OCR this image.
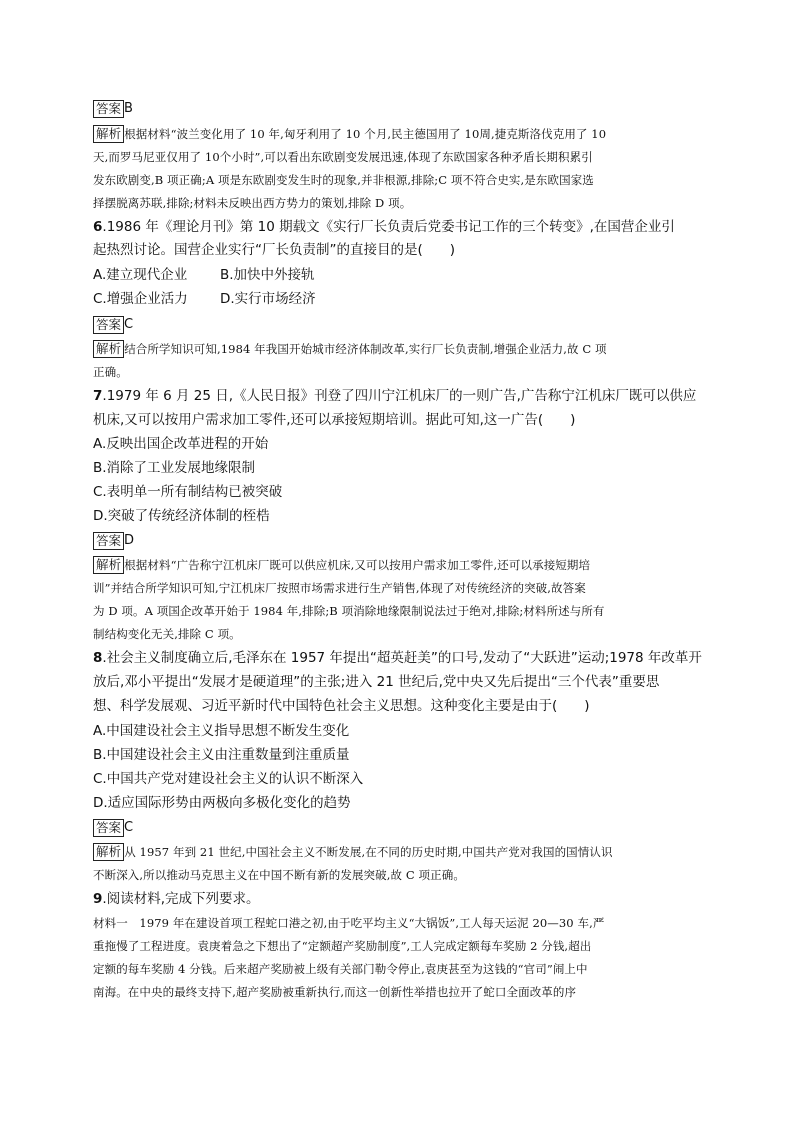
答案 B
解析 根据材料“波兰变化用了 10 年,匈牙利用了 10 个月,民主德国用了 10周,捷克斯洛伐克用了 10
天,而罗马尼亚仅用了 10个小时”,可以看出东欧剧变发展迅速,体现了东欧国家各种矛盾长期积累引
发东欧剧变,B 项正确;A 项是东欧剧变发生时的现象,并非根源,排除;C 项不符合史实,是东欧国家选
择摆脱离苏联,排除;材料未反映出西方势力的策划,排除 D 项。
6.1986 年《理论月刊》第 10 期载文《实行厂长负责后党委书记工作的三个转变》,在国营企业引
起热烈讨论。国营企业实行“厂长负责制”的直接目的是(　　)
A.建立现代企业 B.加快中外接轨
C.增强企业活力 D.实行市场经济
答案 C
解析 结合所学知识可知,1984 年我国开始城市经济体制改革,实行厂长负责制,增强企业活力,故 C 项
正确。
7.1979 年 6 月 25 日,《人民日报》刊登了四川宁江机床厂的一则广告,广告称宁江机床厂既可以供应
机床,又可以按用户需求加工零件,还可以承接短期培训。据此可知,这一广告(　　)
A.反映出国企改革进程的开始
B.消除了工业发展地缘限制
C.表明单一所有制结构已被突破
D.突破了传统经济体制的桎梏
答案 D
解析 根据材料“广告称宁江机床厂既可以供应机床,又可以按用户需求加工零件,还可以承接短期培
训”并结合所学知识可知,宁江机床厂按照市场需求进行生产销售,体现了对传统经济的突破,故答案
为 D 项。A 项国企改革开始于 1984 年,排除;B 项消除地缘限制说法过于绝对,排除;材料所述与所有
制结构变化无关,排除 C 项。
8.社会主义制度确立后,毛泽东在 1957 年提出“超英赶美”的口号,发动了“大跃进”运动;1978 年改革开
放后,邓小平提出“发展才是硬道理”的主张;进入 21 世纪后,党中央又先后提出“三个代表”重要思
想、科学发展观、习近平新时代中国特色社会主义思想。这种变化主要是由于(　　)
A.中国建设社会主义指导思想不断发生变化
B.中国建设社会主义由注重数量到注重质量
C.中国共产党对建设社会主义的认识不断深入
D.适应国际形势由两极向多极化变化的趋势
答案 C
解析 从 1957 年到 21 世纪,中国社会主义不断发展,在不同的历史时期,中国共产党对我国的国情认识
不断深入,所以推动马克思主义在中国不断有新的发展突破,故 C 项正确。
9.阅读材料,完成下列要求。
材料一　1979 年在建设首项工程蛇口港之初,由于吃平均主义“大锅饭”,工人每天运泥 20—30 车,严
重拖慢了工程进度。袁庚着急之下想出了“定额超产奖励制度”,工人完成定额每车奖励 2 分钱,超出
定额的每车奖励 4 分钱。后来超产奖励被上级有关部门勒令停止,袁庚甚至为这钱的“官司”闹上中
南海。在中央的最终支持下,超产奖励被重新执行,而这一创新性举措也拉开了蛇口全面改革的序
